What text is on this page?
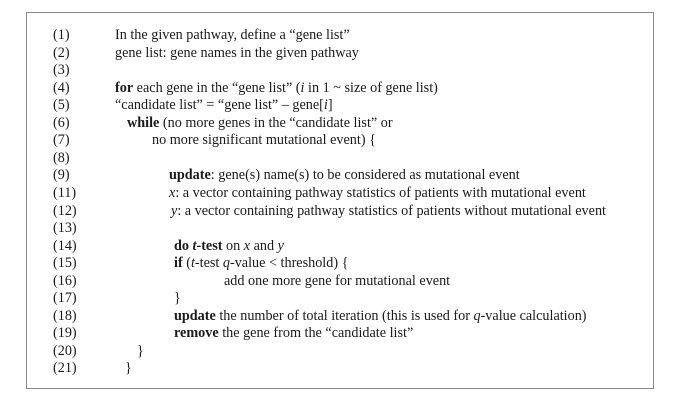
(1)	In the given pathway, define a “gene list”
(2)	gene list: gene names in the given pathway
(3)
(4)	for each gene in the “gene list” (i in 1 ~ size of gene list)
(5)	“candidate list” = “gene list” – gene[i]
(6)	while (no more genes in the “candidate list” or
(7)	no more significant mutational event) {
(8)
(9)	update: gene(s) name(s) to be considered as mutational event
(11)	x: a vector containing pathway statistics of patients with mutational event
(12)	y: a vector containing pathway statistics of patients without mutational event
(13)
(14)	do t-test on x and y
(15)	if (t-test q-value < threshold) {
(16)	add one more gene for mutational event
(17)	}
(18)	update the number of total iteration (this is used for q-value calculation)
(19)	remove the gene from the “candidate list”
(20)	}
(21)	}
